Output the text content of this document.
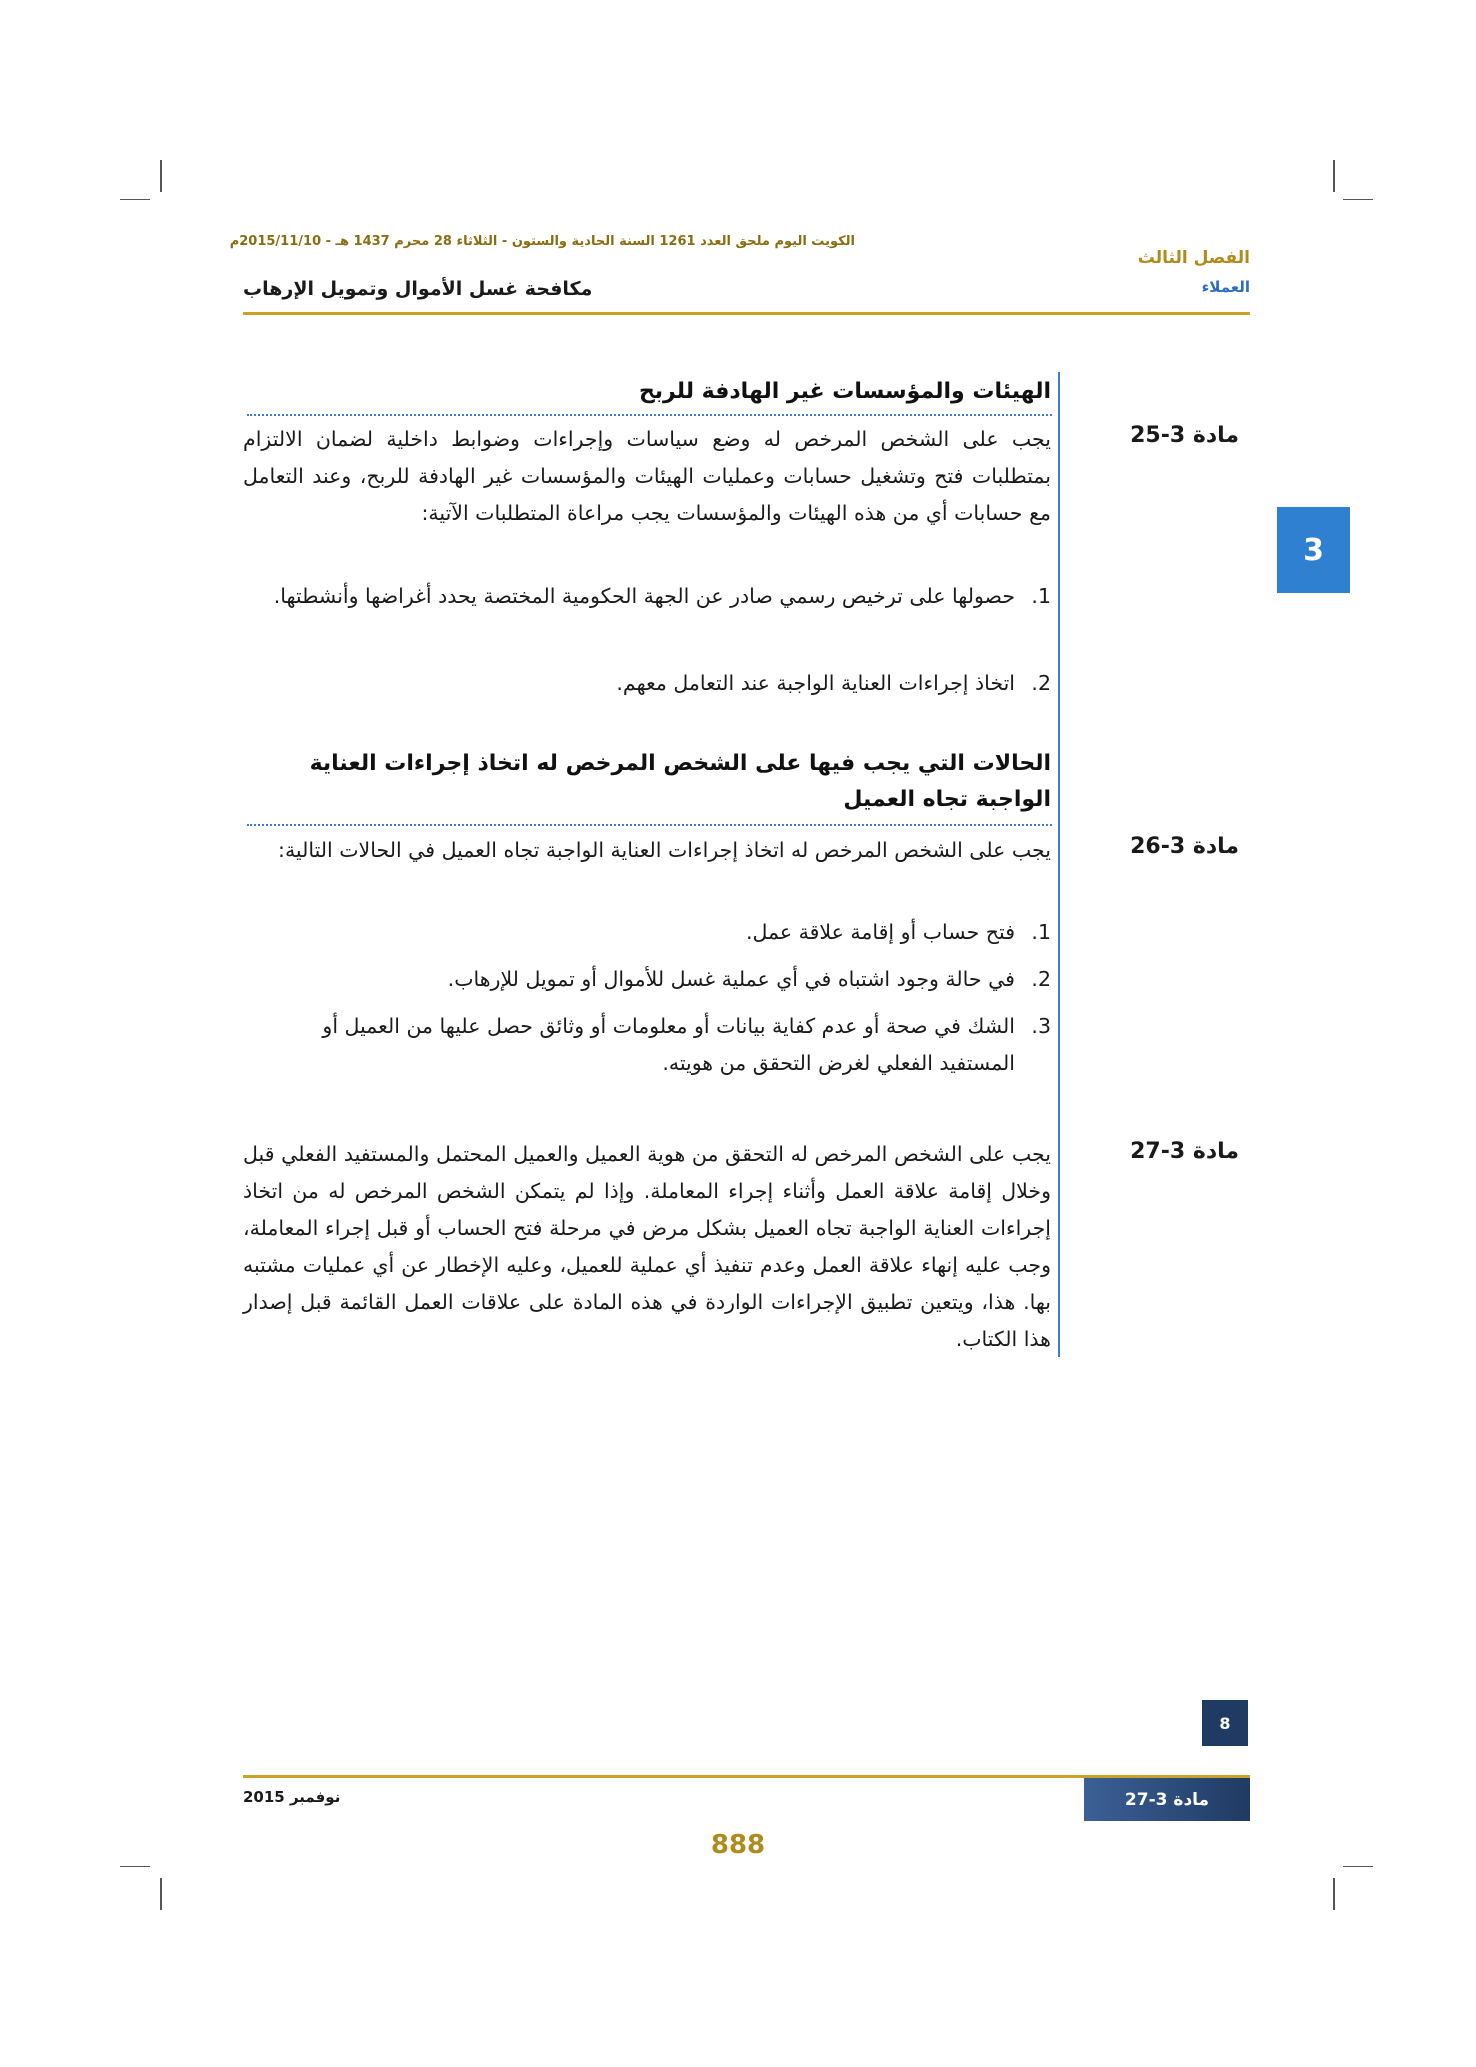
الكويت اليوم ملحق العدد 1261 السنة الحادية والستون - الثلاثاء 28 محرم 1437 هـ - 2015/11/10م
الفصل الثالث
العملاء
مكافحة غسل الأموال وتمويل الإرهاب
3
الهيئات والمؤسسات غير الهادفة للربح
مادة 3-25
يجب على الشخص المرخص له وضع سياسات وإجراءات وضوابط داخلية لضمان الالتزام بمتطلبات فتح وتشغيل حسابات وعمليات الهيئات والمؤسسات غير الهادفة للربح، وعند التعامل مع حسابات أي من هذه الهيئات والمؤسسات يجب مراعاة المتطلبات الآتية:
1.
حصولها على ترخيص رسمي صادر عن الجهة الحكومية المختصة يحدد أغراضها وأنشطتها.
2.
اتخاذ إجراءات العناية الواجبة عند التعامل معهم.
الحالات التي يجب فيها على الشخص المرخص له اتخاذ إجراءات العناية الواجبة تجاه العميل
مادة 3-26
يجب على الشخص المرخص له اتخاذ إجراءات العناية الواجبة تجاه العميل في الحالات التالية:
1.
فتح حساب أو إقامة علاقة عمل.
2.
في حالة وجود اشتباه في أي عملية غسل للأموال أو تمويل للإرهاب.
3.
الشك في صحة أو عدم كفاية بيانات أو معلومات أو وثائق حصل عليها من العميل أو المستفيد الفعلي لغرض التحقق من هويته.
مادة 3-27
يجب على الشخص المرخص له التحقق من هوية العميل والعميل المحتمل والمستفيد الفعلي قبل وخلال إقامة علاقة العمل وأثناء إجراء المعاملة. وإذا لم يتمكن الشخص المرخص له من اتخاذ إجراءات العناية الواجبة تجاه العميل بشكل مرض في مرحلة فتح الحساب أو قبل إجراء المعاملة، وجب عليه إنهاء علاقة العمل وعدم تنفيذ أي عملية للعميل، وعليه الإخطار عن أي عمليات مشتبه بها. هذا، ويتعين تطبيق الإجراءات الواردة في هذه المادة على علاقات العمل القائمة قبل إصدار هذا الكتاب.
8
نوفمبر 2015	مادة 3-27
888
